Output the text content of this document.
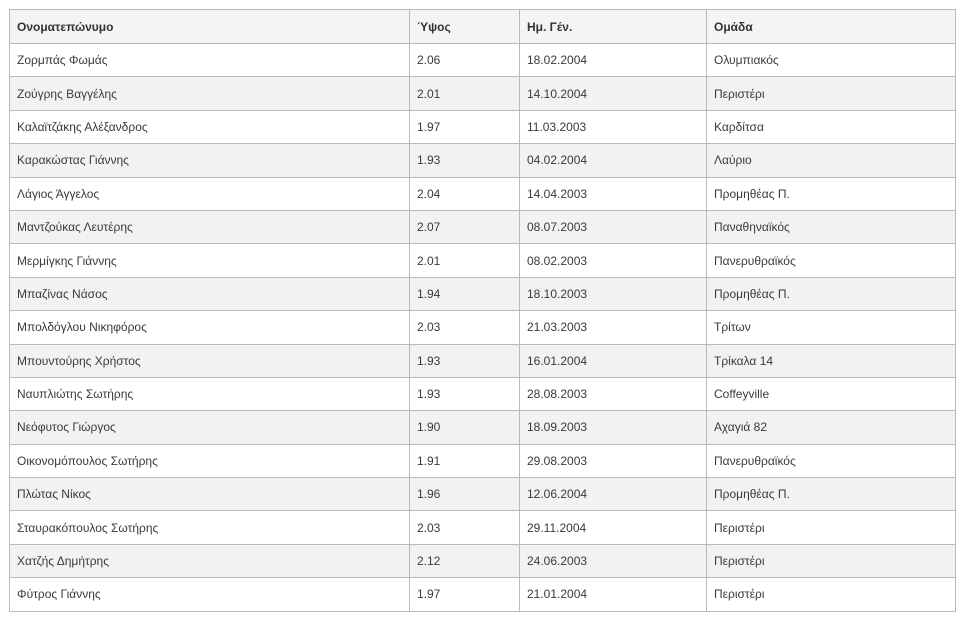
Ονοματεπώνυμο	Ύψος	Ημ. Γέν.	Ομάδα
Ζορμπάς Φωμάς	2.06	18.02.2004	Ολυμπιακός
Ζούγρης Βαγγέλης	2.01	14.10.2004	Περιστέρι
Καλαϊτζάκης Αλέξανδρος	1.97	11.03.2003	Καρδίτσα
Καρακώστας Γιάννης	1.93	04.02.2004	Λαύριο
Λάγιος Άγγελος	2.04	14.04.2003	Προμηθέας Π.
Μαντζούκας Λευτέρης	2.07	08.07.2003	Παναθηναϊκός
Μερμίγκης Γιάννης	2.01	08.02.2003	Πανερυθραϊκός
Μπαζίνας Νάσος	1.94	18.10.2003	Προμηθέας Π.
Μπολδόγλου Νικηφόρος	2.03	21.03.2003	Τρίτων
Μπουντούρης Χρήστος	1.93	16.01.2004	Τρίκαλα 14
Ναυπλιώτης Σωτήρης	1.93	28.08.2003	Coffeyville
Νεόφυτος Γιώργος	1.90	18.09.2003	Αχαγιά 82
Οικονομόπουλος Σωτήρης	1.91	29.08.2003	Πανερυθραϊκός
Πλώτας Νίκος	1.96	12.06.2004	Προμηθέας Π.
Σταυρακόπουλος Σωτήρης	2.03	29.11.2004	Περιστέρι
Χατζής Δημήτρης	2.12	24.06.2003	Περιστέρι
Φύτρος Γιάννης	1.97	21.01.2004	Περιστέρι
